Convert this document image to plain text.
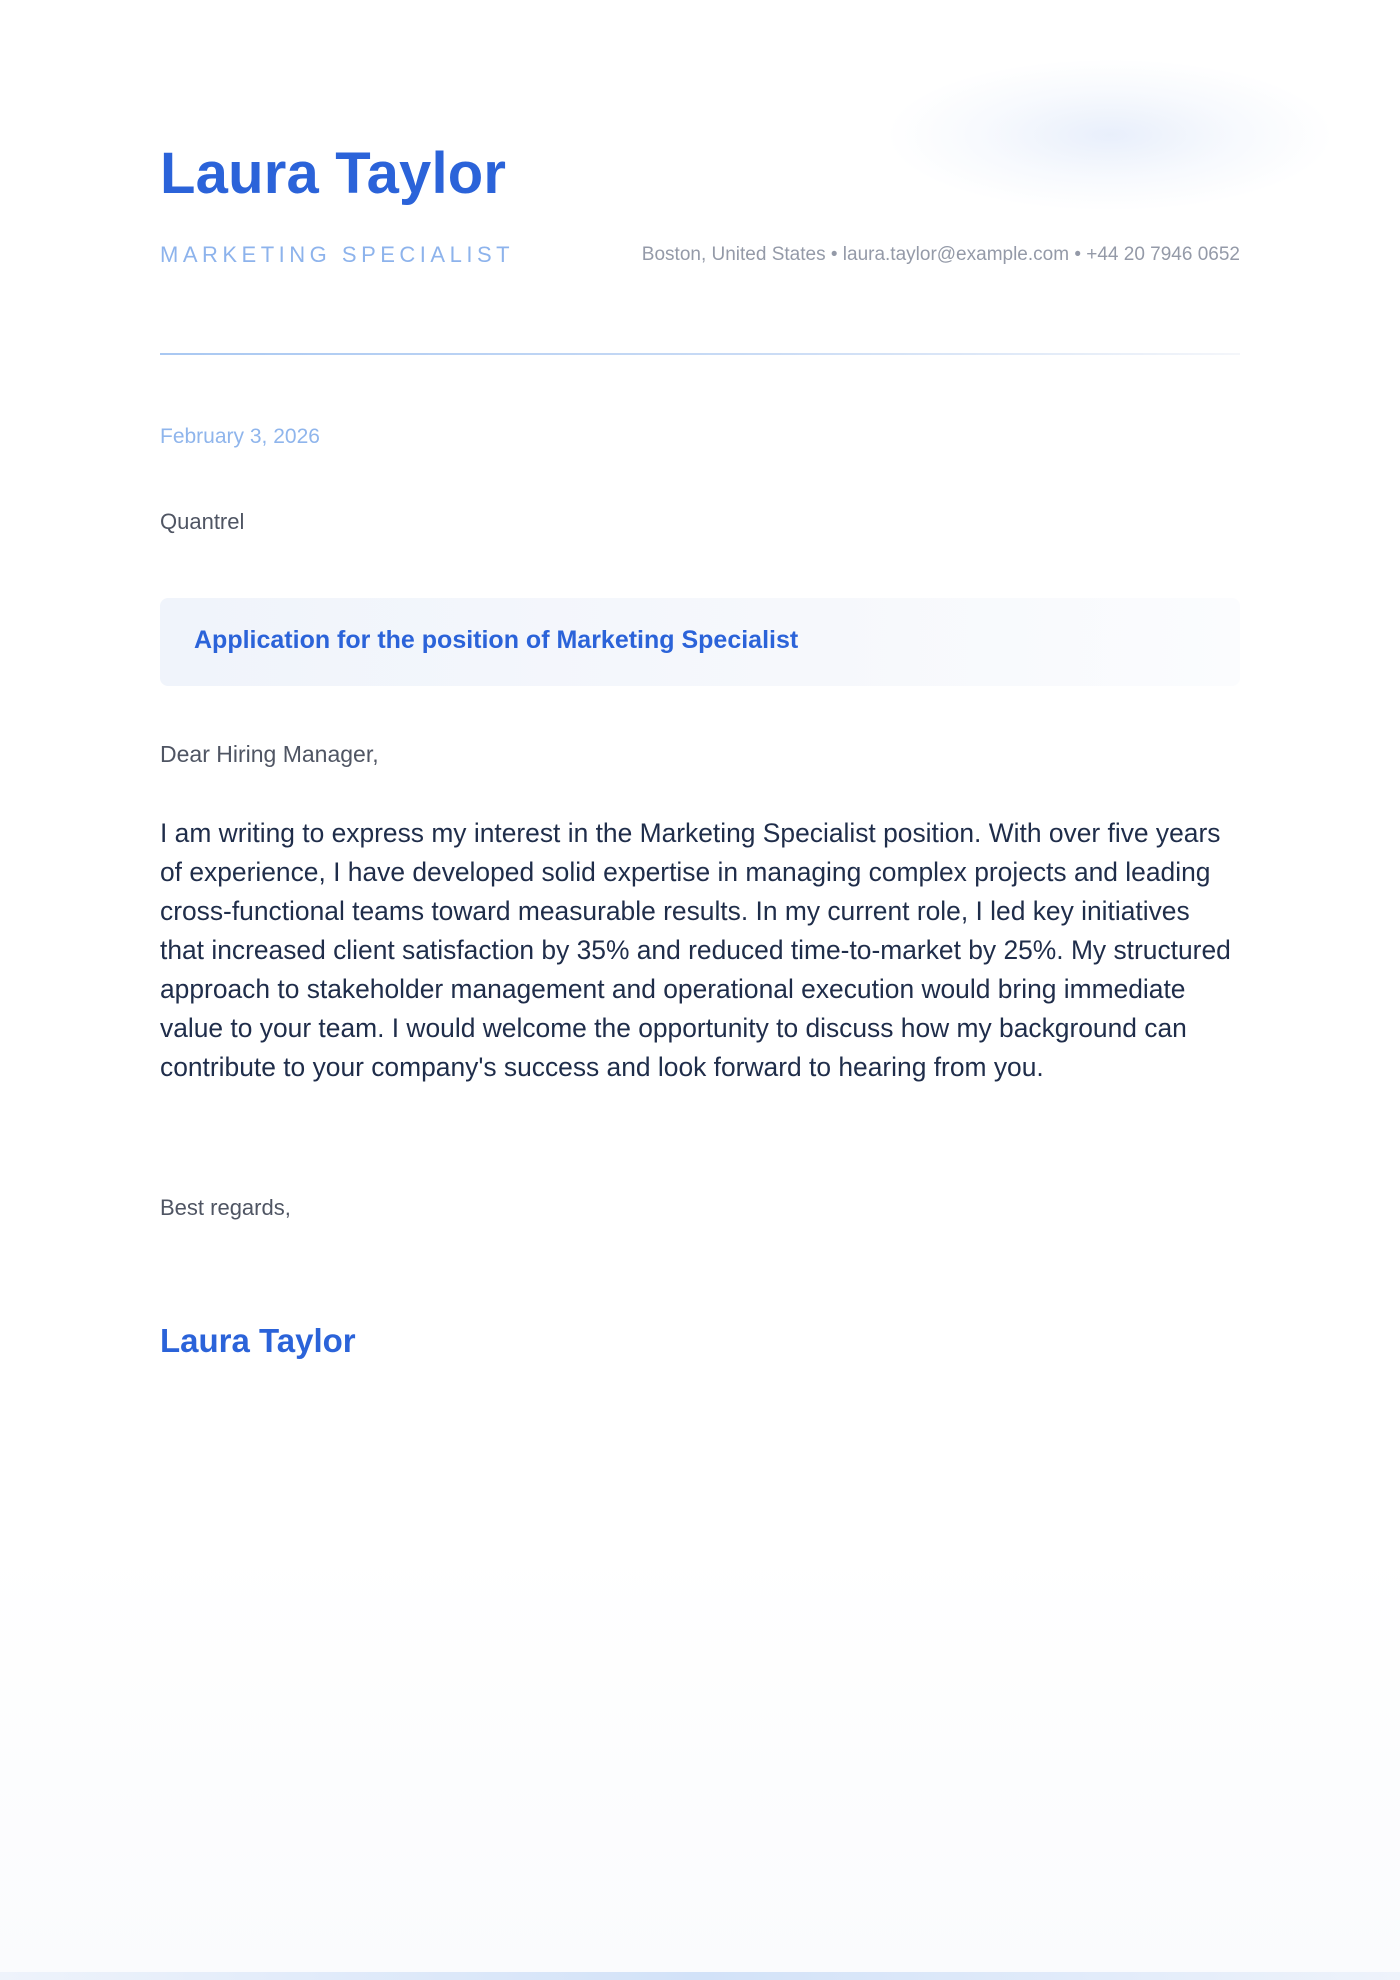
Laura Taylor
MARKETING SPECIALIST	Boston, United States • laura.taylor@example.com • +44 20 7946 0652
February 3, 2026
Quantrel
Application for the position of Marketing Specialist
Dear Hiring Manager,

I am writing to express my interest in the Marketing Specialist position. With over five years of experience, I have developed solid expertise in managing complex projects and leading cross-functional teams toward measurable results. In my current role, I led key initiatives that increased client satisfaction by 35% and reduced time-to-market by 25%. My structured approach to stakeholder management and operational execution would bring immediate value to your team. I would welcome the opportunity to discuss how my background can contribute to your company's success and look forward to hearing from you.

Best regards,
Laura Taylor
